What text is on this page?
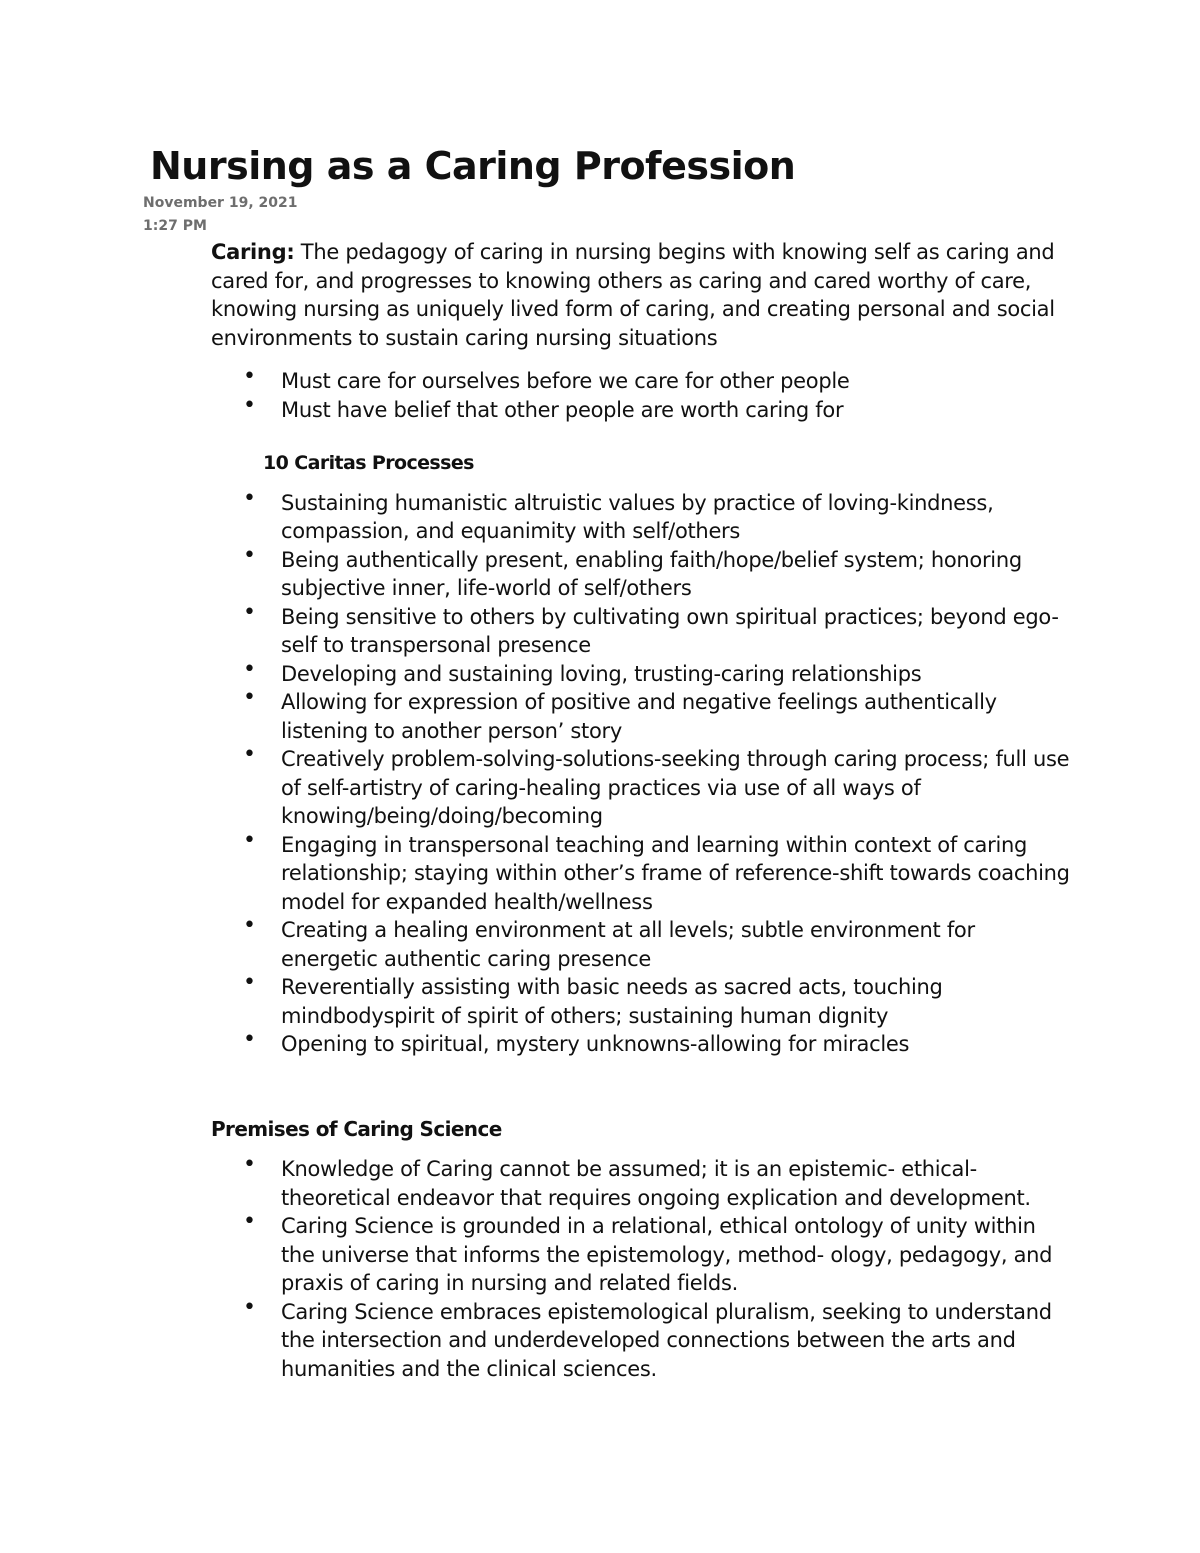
Nursing as a Caring Profession
November 19, 2021
1:27 PM

Caring: The pedagogy of caring in nursing begins with knowing self as caring and cared for, and progresses to knowing others as caring and cared worthy of care, knowing nursing as uniquely lived form of caring, and creating personal and social environments to sustain caring nursing situations

• Must care for ourselves before we care for other people
• Must have belief that other people are worth caring for

10 Caritas Processes

• Sustaining humanistic altruistic values by practice of loving-kindness, compassion, and equanimity with self/others
• Being authentically present, enabling faith/hope/belief system; honoring subjective inner, life-world of self/others
• Being sensitive to others by cultivating own spiritual practices; beyond ego-self to transpersonal presence
• Developing and sustaining loving, trusting-caring relationships
• Allowing for expression of positive and negative feelings authentically listening to another person’ story
• Creatively problem-solving-solutions-seeking through caring process; full use of self-artistry of caring-healing practices via use of all ways of knowing/being/doing/becoming
• Engaging in transpersonal teaching and learning within context of caring relationship; staying within other’s frame of reference-shift towards coaching model for expanded health/wellness
• Creating a healing environment at all levels; subtle environment for energetic authentic caring presence
• Reverentially assisting with basic needs as sacred acts, touching mindbodyspirit of spirit of others; sustaining human dignity
• Opening to spiritual, mystery unknowns-allowing for miracles

Premises of Caring Science

• Knowledge of Caring cannot be assumed; it is an epistemic- ethical-theoretical endeavor that requires ongoing explication and development.
• Caring Science is grounded in a relational, ethical ontology of unity within the universe that informs the epistemology, method- ology, pedagogy, and praxis of caring in nursing and related fields.
• Caring Science embraces epistemological pluralism, seeking to understand the intersection and underdeveloped connections between the arts and humanities and the clinical sciences.
